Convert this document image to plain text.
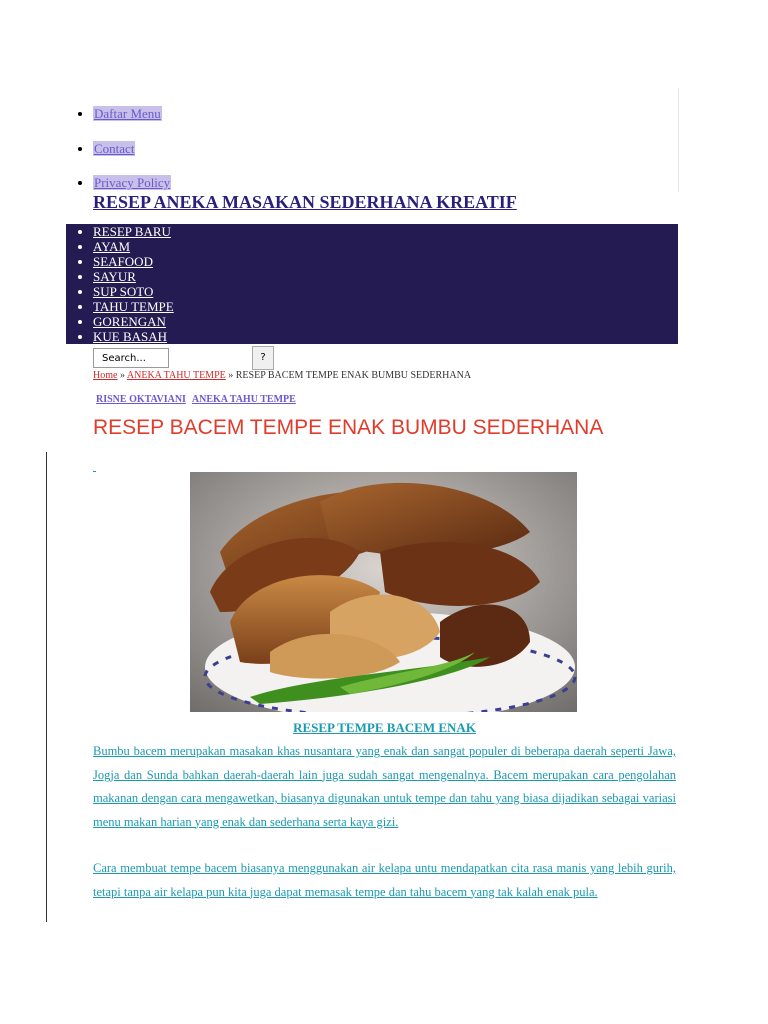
• Daftar Menu
• Contact
• Privacy Policy
RESEP ANEKA MASAKAN SEDERHANA KREATIF
• RESEP BARU
• AYAM
• SEAFOOD
• SAYUR
• SUP SOTO
• TAHU TEMPE
• GORENGAN
• KUE BASAH
Search...	?
Home » ANEKA TAHU TEMPE » RESEP BACEM TEMPE ENAK BUMBU SEDERHANA
RISNE OKTAVIANI ANEKA TAHU TEMPE
RESEP BACEM TEMPE ENAK BUMBU SEDERHANA
RESEP TEMPE BACEM ENAK

Bumbu bacem merupakan masakan khas nusantara yang enak dan sangat populer di beberapa daerah seperti Jawa, Jogja dan Sunda bahkan daerah-daerah lain juga sudah sangat mengenalnya. Bacem merupakan cara pengolahan makanan dengan cara mengawetkan, biasanya digunakan untuk tempe dan tahu yang biasa dijadikan sebagai variasi menu makan harian yang enak dan sederhana serta kaya gizi.

Cara membuat tempe bacem biasanya menggunakan air kelapa untu mendapatkan cita rasa manis yang lebih gurih, tetapi tanpa air kelapa pun kita juga dapat memasak tempe dan tahu bacem yang tak kalah enak pula.
